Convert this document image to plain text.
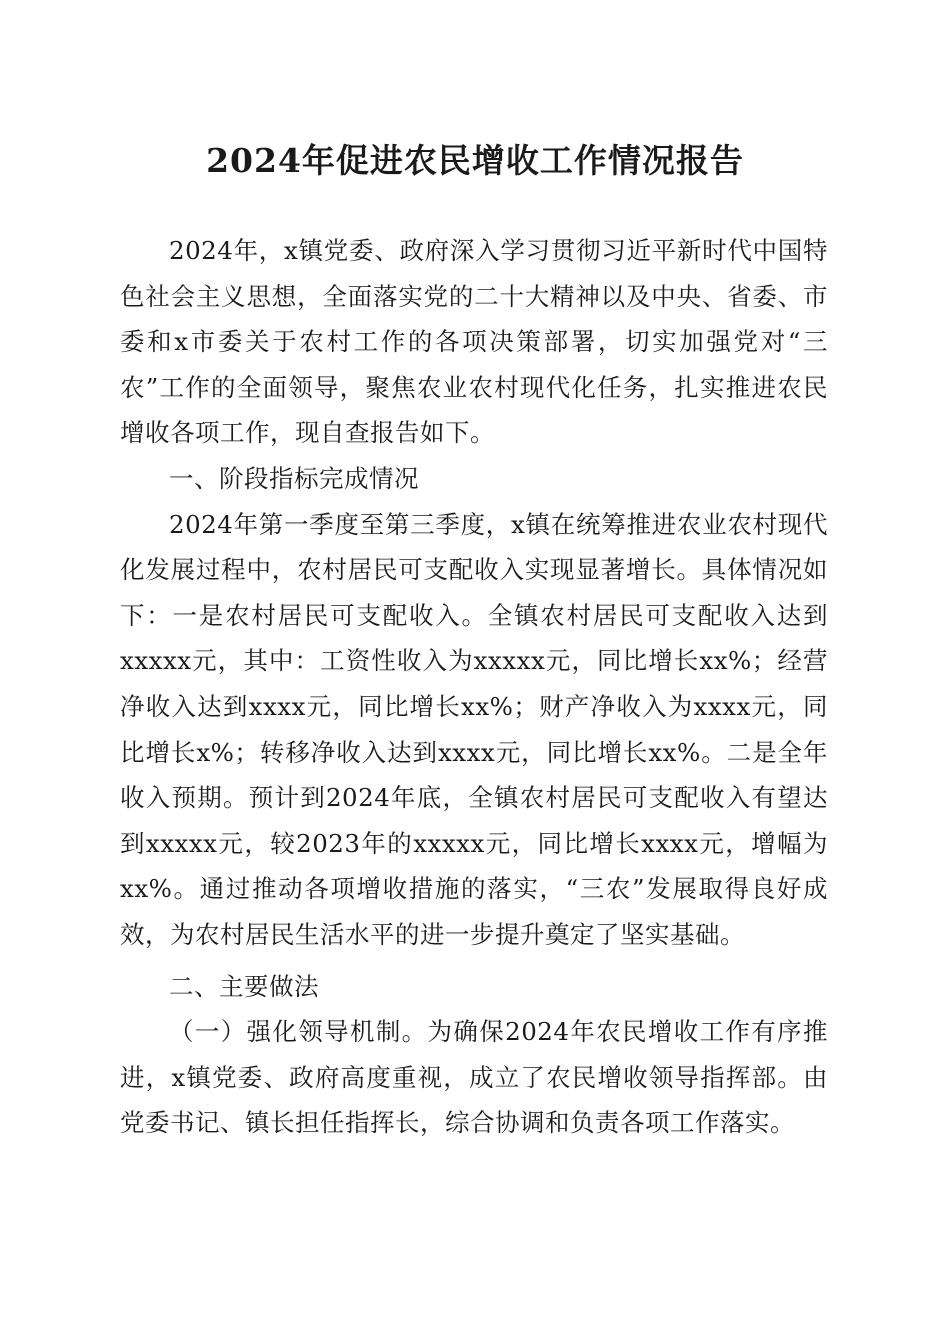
2024年促进农民增收工作情况报告

2024年，x镇党委、政府深入学习贯彻习近平新时代中国特色社会主义思想，全面落实党的二十大精神以及中央、省委、市委和x市委关于农村工作的各项决策部署，切实加强党对“三农”工作的全面领导，聚焦农业农村现代化任务，扎实推进农民增收各项工作，现自查报告如下。

一、阶段指标完成情况

2024年第一季度至第三季度，x镇在统筹推进农业农村现代化发展过程中，农村居民可支配收入实现显著增长。具体情况如下：一是农村居民可支配收入。全镇农村居民可支配收入达到xxxxx元，其中：工资性收入为xxxxx元，同比增长xx%；经营净收入达到xxxx元，同比增长xx%；财产净收入为xxxx元，同比增长x%；转移净收入达到xxxx元，同比增长xx%。二是全年收入预期。预计到2024年底，全镇农村居民可支配收入有望达到xxxxx元，较2023年的xxxxx元，同比增长xxxx元，增幅为xx%。通过推动各项增收措施的落实，“三农”发展取得良好成效，为农村居民生活水平的进一步提升奠定了坚实基础。

二、主要做法

（一）强化领导机制。为确保2024年农民增收工作有序推进，x镇党委、政府高度重视，成立了农民增收领导指挥部。由党委书记、镇长担任指挥长，综合协调和负责各项工作落实。
